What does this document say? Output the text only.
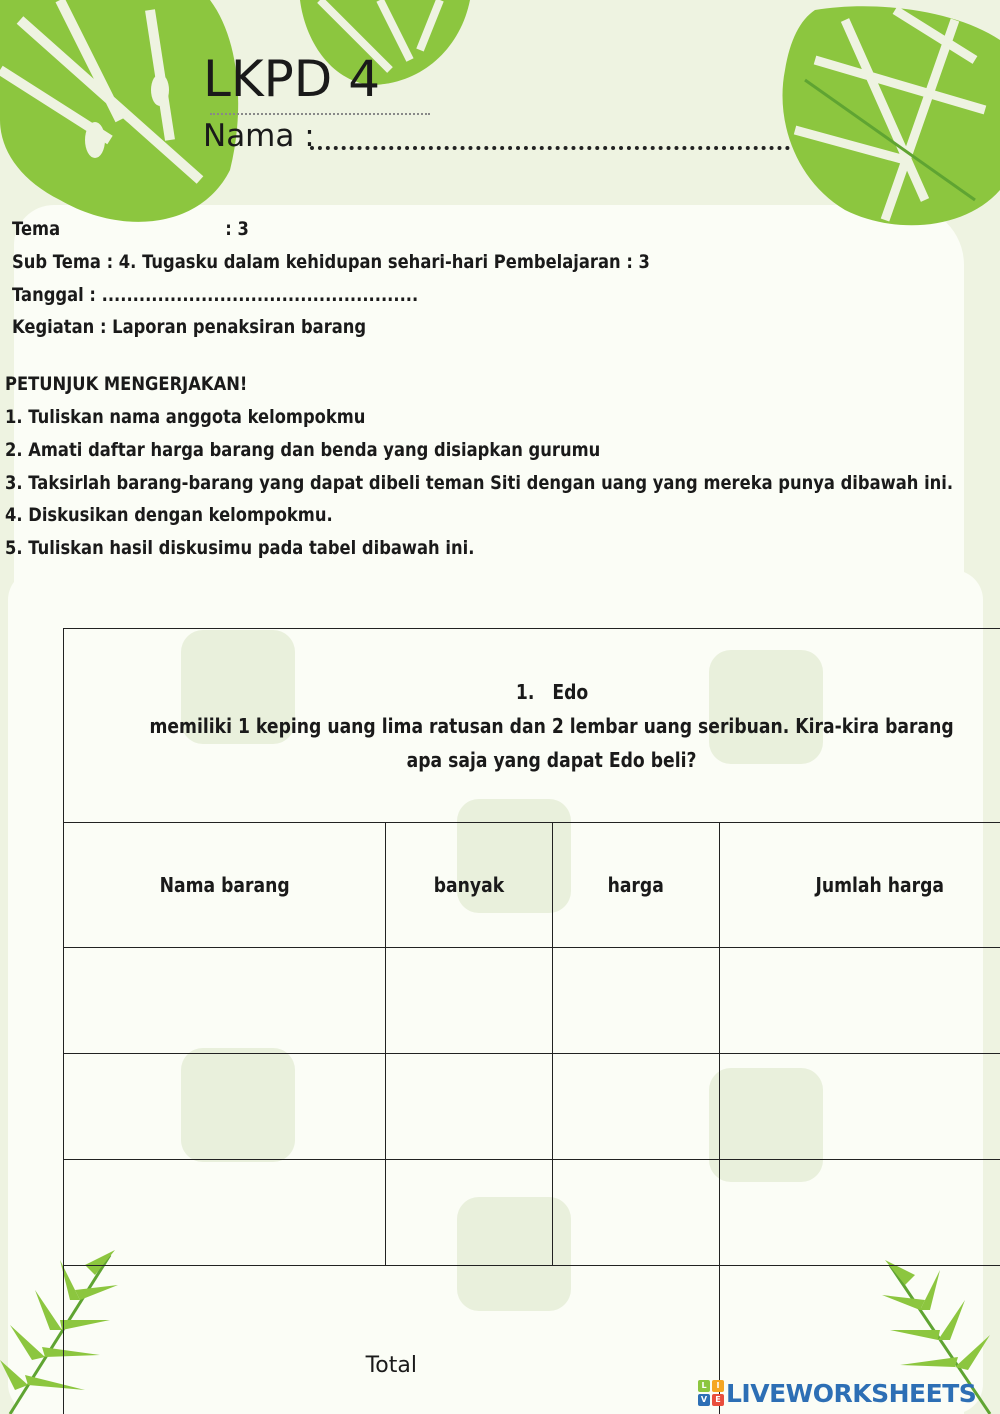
LKPD 4
Nama :
Tema	: 3
Sub Tema : 4. Tugasku dalam kehidupan sehari-hari Pembelajaran : 3
Tanggal : ...................................................
Kegiatan : Laporan penaksiran barang
PETUNJUK MENGERJAKAN!
1. Tuliskan nama anggota kelompokmu
2. Amati daftar harga barang dan benda yang disiapkan gurumu
3. Taksirlah barang-barang yang dapat dibeli teman Siti dengan uang yang mereka punya dibawah ini.
4. Diskusikan dengan kelompokmu.
5. Tuliskan hasil diskusimu pada tabel dibawah ini.
1. Edo
memiliki 1 keping uang lima ratusan dan 2 lembar uang seribuan. Kira-kira barang
apa saja yang dapat Edo beli?			
Nama barang	banyak	harga	Jumlah harga

Total			
L	I
V	E LIVEWORKSHEETS
